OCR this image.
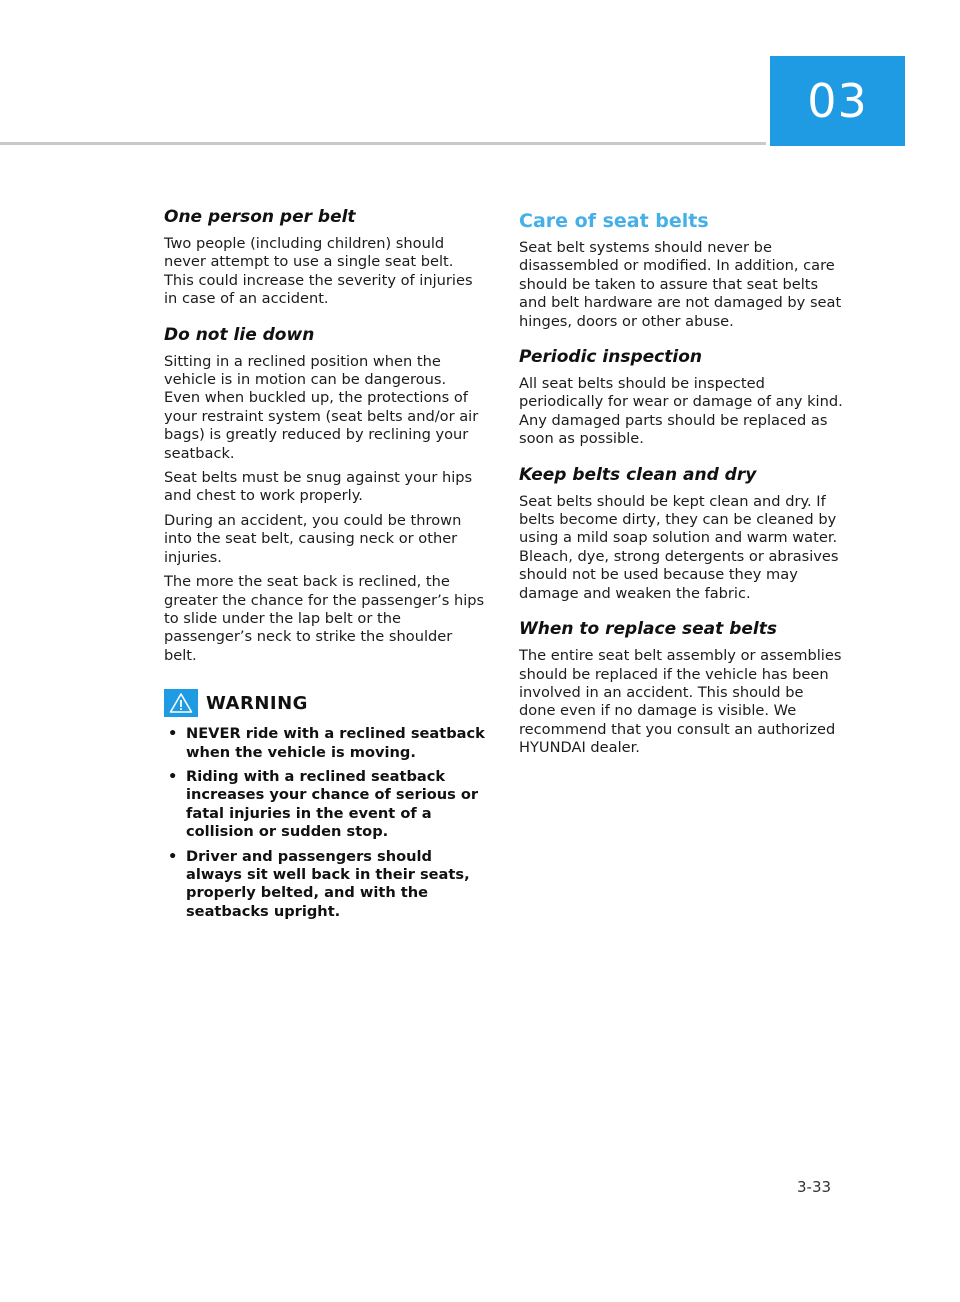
03
One person per belt

Two people (including children) should never attempt to use a single seat belt. This could increase the severity of injuries in case of an accident.

Do not lie down

Sitting in a reclined position when the vehicle is in motion can be dangerous. Even when buckled up, the protections of your restraint system (seat belts and/or air bags) is greatly reduced by reclining your seatback.

Seat belts must be snug against your hips and chest to work properly.

During an accident, you could be thrown into the seat belt, causing neck or other injuries.

The more the seat back is reclined, the greater the chance for the passenger’s hips to slide under the lap belt or the passenger’s neck to strike the shoulder belt.

WARNING
• NEVER ride with a reclined seatback when the vehicle is moving.
• Riding with a reclined seatback increases your chance of serious or fatal injuries in the event of a collision or sudden stop.
• Driver and passengers should always sit well back in their seats, properly belted, and with the seatbacks upright.
Care of seat belts

Seat belt systems should never be disassembled or modified. In addition, care should be taken to assure that seat belts and belt hardware are not damaged by seat hinges, doors or other abuse.

Periodic inspection

All seat belts should be inspected periodically for wear or damage of any kind. Any damaged parts should be replaced as soon as possible.

Keep belts clean and dry

Seat belts should be kept clean and dry. If belts become dirty, they can be cleaned by using a mild soap solution and warm water. Bleach, dye, strong detergents or abrasives should not be used because they may damage and weaken the fabric.

When to replace seat belts

The entire seat belt assembly or assemblies should be replaced if the vehicle has been involved in an accident. This should be done even if no damage is visible. We recommend that you consult an authorized HYUNDAI dealer.

3-33
